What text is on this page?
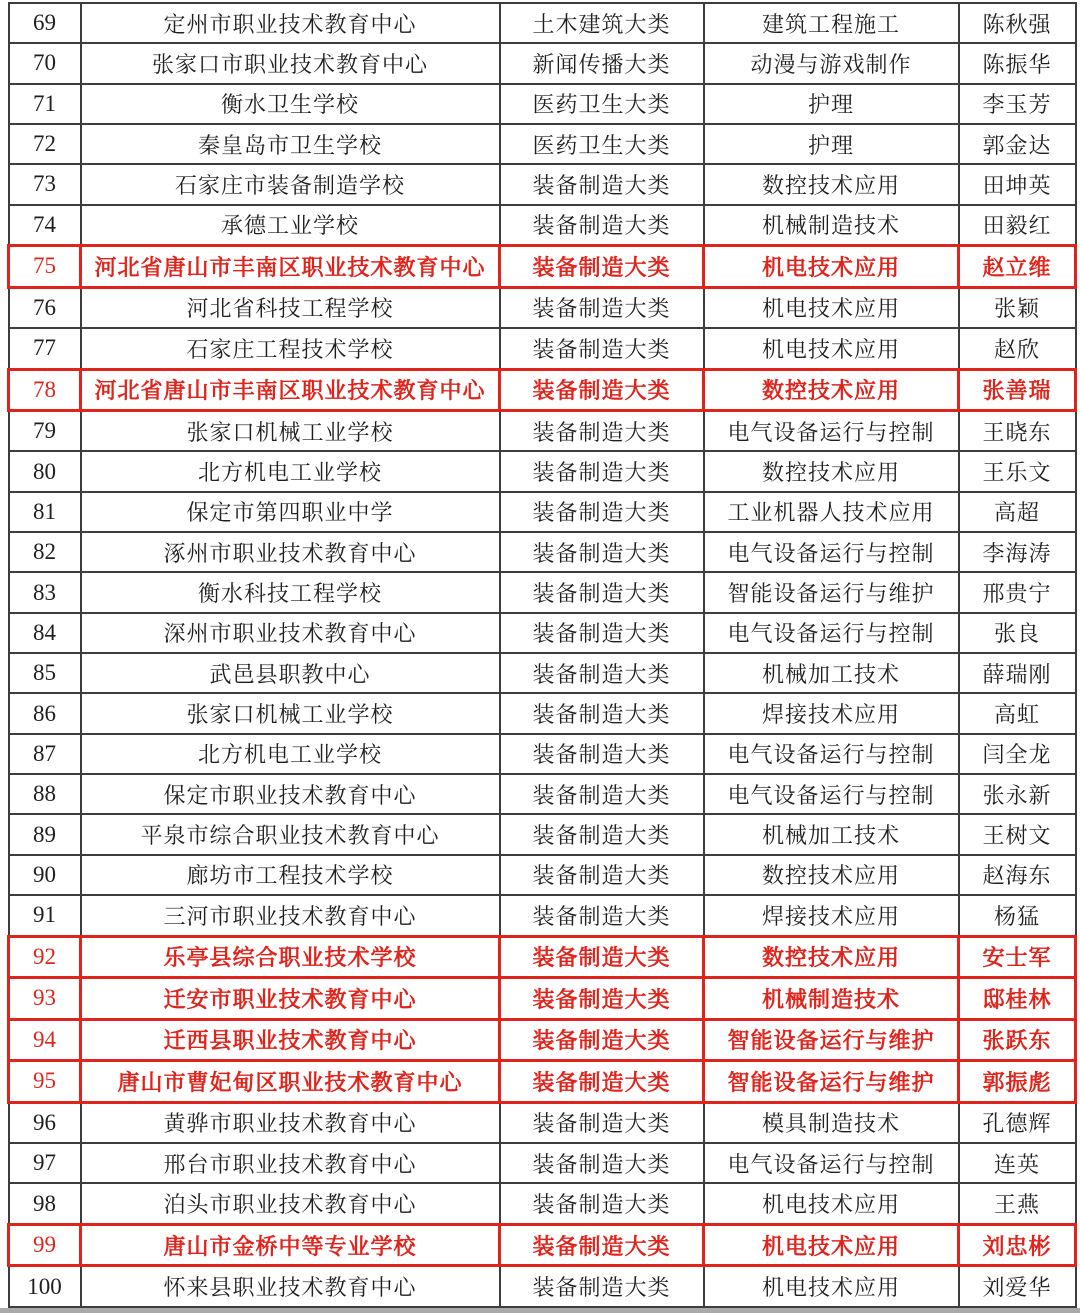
69	定州市职业技术教育中心	土木建筑大类	建筑工程施工	陈秋强
70	张家口市职业技术教育中心	新闻传播大类	动漫与游戏制作	陈振华
71	衡水卫生学校	医药卫生大类	护理	李玉芳
72	秦皇岛市卫生学校	医药卫生大类	护理	郭金达
73	石家庄市装备制造学校	装备制造大类	数控技术应用	田坤英
74	承德工业学校	装备制造大类	机械制造技术	田毅红
75	河北省唐山市丰南区职业技术教育中心	装备制造大类	机电技术应用	赵立维
76	河北省科技工程学校	装备制造大类	机电技术应用	张颖
77	石家庄工程技术学校	装备制造大类	机电技术应用	赵欣
78	河北省唐山市丰南区职业技术教育中心	装备制造大类	数控技术应用	张善瑞
79	张家口机械工业学校	装备制造大类	电气设备运行与控制	王晓东
80	北方机电工业学校	装备制造大类	数控技术应用	王乐文
81	保定市第四职业中学	装备制造大类	工业机器人技术应用	高超
82	涿州市职业技术教育中心	装备制造大类	电气设备运行与控制	李海涛
83	衡水科技工程学校	装备制造大类	智能设备运行与维护	邢贵宁
84	深州市职业技术教育中心	装备制造大类	电气设备运行与控制	张良
85	武邑县职教中心	装备制造大类	机械加工技术	薛瑞刚
86	张家口机械工业学校	装备制造大类	焊接技术应用	高虹
87	北方机电工业学校	装备制造大类	电气设备运行与控制	闫全龙
88	保定市职业技术教育中心	装备制造大类	电气设备运行与控制	张永新
89	平泉市综合职业技术教育中心	装备制造大类	机械加工技术	王树文
90	廊坊市工程技术学校	装备制造大类	数控技术应用	赵海东
91	三河市职业技术教育中心	装备制造大类	焊接技术应用	杨猛
92	乐亭县综合职业技术学校	装备制造大类	数控技术应用	安士军
93	迁安市职业技术教育中心	装备制造大类	机械制造技术	邸桂林
94	迁西县职业技术教育中心	装备制造大类	智能设备运行与维护	张跃东
95	唐山市曹妃甸区职业技术教育中心	装备制造大类	智能设备运行与维护	郭振彪
96	黄骅市职业技术教育中心	装备制造大类	模具制造技术	孔德辉
97	邢台市职业技术教育中心	装备制造大类	电气设备运行与控制	连英
98	泊头市职业技术教育中心	装备制造大类	机电技术应用	王燕
99	唐山市金桥中等专业学校	装备制造大类	机电技术应用	刘忠彬
100	怀来县职业技术教育中心	装备制造大类	机电技术应用	刘爱华
